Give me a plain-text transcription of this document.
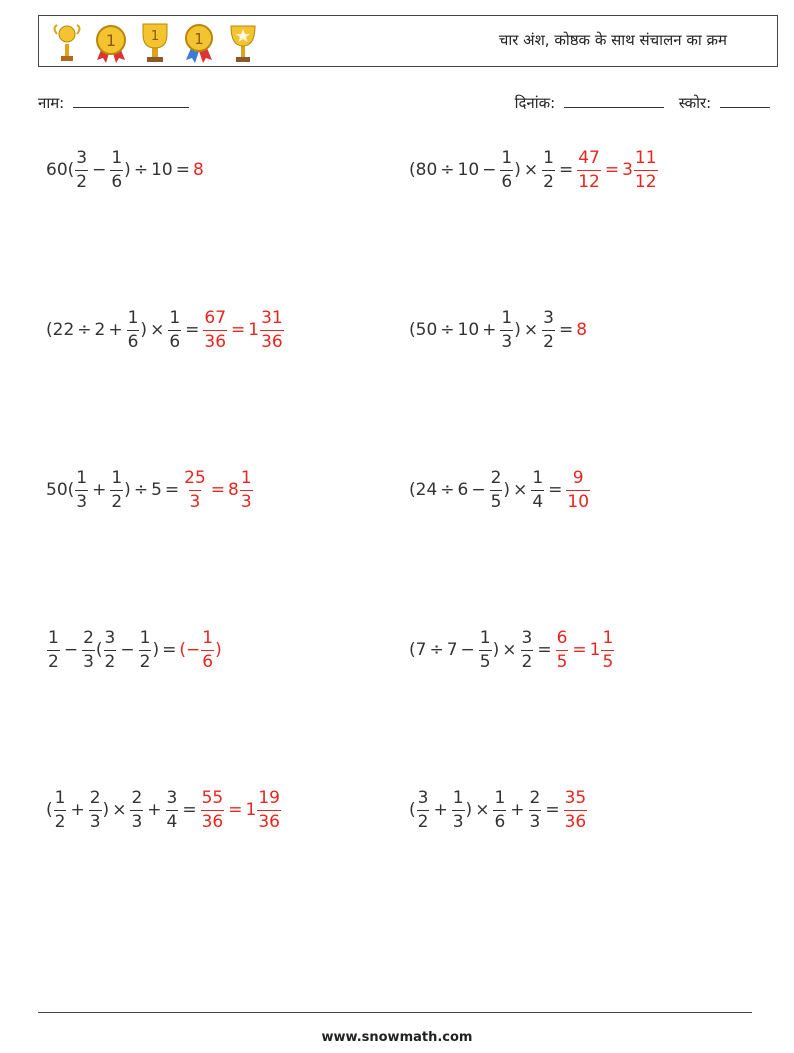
1	1 1	चार अंश, कोष्ठक के साथ संचालन का क्रम
नाम:	दिनांक:	स्कोर:
$60( \frac{3}{2} - \frac{1}{6}$ ) ÷ 10 = 8	($80 \div 10 - \frac{1}{6}$ ) × $\frac{1}{2} = \frac{47}{12} = 3 \frac{11}{12}$
($22 \div 2 + \frac{1}{6}$ ) × $\frac{1}{6} = \frac{67}{36} = 1 \frac{31}{36}$	($50 \div 10 + \frac{1}{3}$ ) × $\frac{3}{2} = 8$
$50( \frac{1}{3} + \frac{1}{2}$ ) ÷ $5 = \frac{25}{3} = 8 \frac{1}{3}$	($24 \div 6 - \frac{2}{5}$ ) × $\frac{1}{4} = \frac{9}{10}$
$\frac{1}{2} - \frac{2}{3}$ ( $\frac{3}{2} - \frac{1}{2}$ ) = (− $\frac{1}{6}$ )	($7 \div 7 - \frac{1}{5}$ ) × $\frac{3}{2} = \frac{6}{5} = 1 \frac{1}{5}$
( $\frac{1}{2} + \frac{2}{3}$ ) × $\frac{2}{3} + \frac{3}{4} = \frac{55}{36} = 1 \frac{19}{36}$	( $\frac{3}{2} + \frac{1}{3}$ ) × $\frac{1}{6} + \frac{2}{3} = \frac{35}{36}$
www.snowmath.com
